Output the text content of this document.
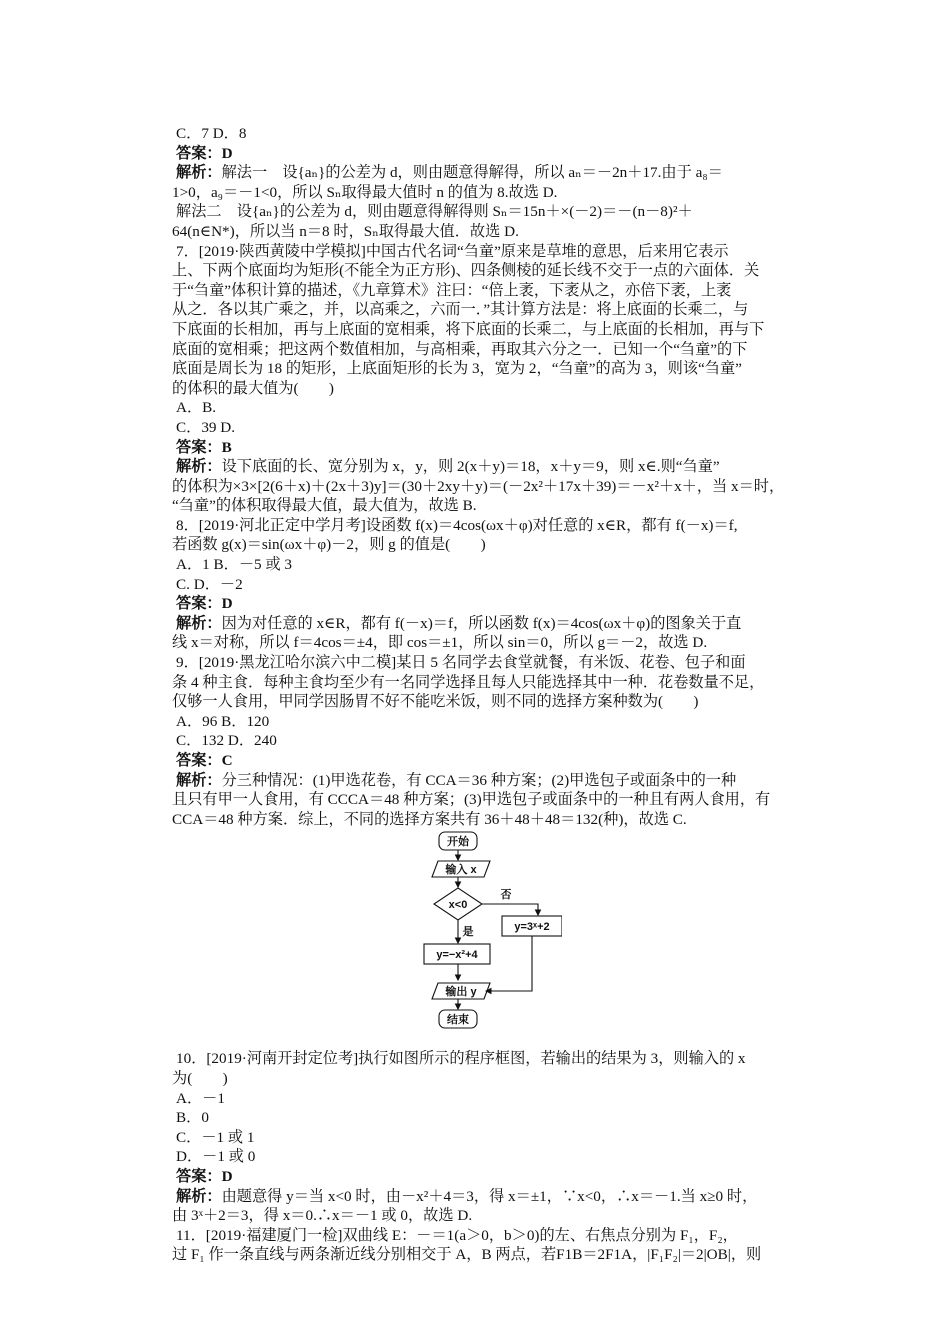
C．7 D．8

答案：D

解析：解法一　设{aₙ}的公差为 d，则由题意得解得，所以 aₙ＝－2n＋17.由于 a₈＝

1>0，a₉＝－1<0，所以 Sₙ取得最大值时 n 的值为 8.故选 D.

解法二　设{aₙ}的公差为 d，则由题意得解得则 Sₙ＝15n＋×(－2)＝－(n－8)²＋

64(n∈N*)，所以当 n＝8 时，Sₙ取得最大值．故选 D.

7．[2019·陕西黄陵中学模拟]中国古代名词“刍童”原来是草堆的意思，后来用它表示

上、下两个底面均为矩形(不能全为正方形)、四条侧棱的延长线不交于一点的六面体．关

于“刍童”体积计算的描述，《九章算术》注曰：“倍上袤，下袤从之，亦倍下袤，上袤

从之．各以其广乘之，并，以高乘之，六而一．”其计算方法是：将上底面的长乘二，与

下底面的长相加，再与上底面的宽相乘，将下底面的长乘二，与上底面的长相加，再与下

底面的宽相乘；把这两个数值相加，与高相乘，再取其六分之一．已知一个“刍童”的下

底面是周长为 18 的矩形，上底面矩形的长为 3，宽为 2，“刍童”的高为 3，则该“刍童”

的体积的最大值为(　　)

A．B.

C．39 D.

答案：B

解析：设下底面的长、宽分别为 x，y，则 2(x＋y)＝18，x＋y＝9，则 x∈.则“刍童”

的体积为×3×[2(6＋x)＋(2x＋3)y]＝(30＋2xy＋y)＝(－2x²＋17x＋39)＝－x²＋x＋，当 x＝时，

“刍童”的体积取得最大值，最大值为，故选 B.

8．[2019·河北正定中学月考]设函数 f(x)＝4cos(ωx＋φ)对任意的 x∈R，都有 f(－x)＝f,

若函数 g(x)＝sin(ωx＋φ)－2，则 g 的值是(　　)

A．1 B．－5 或 3

C. D．－2

答案：D

解析：因为对任意的 x∈R，都有 f(－x)＝f，所以函数 f(x)＝4cos(ωx＋φ)的图象关于直

线 x＝对称，所以 f＝4cos＝±4，即 cos＝±1，所以 sin＝0，所以 g＝－2，故选 D.

9．[2019·黑龙江哈尔滨六中二模]某日 5 名同学去食堂就餐，有米饭、花卷、包子和面

条 4 种主食．每种主食均至少有一名同学选择且每人只能选择其中一种．花卷数量不足，

仅够一人食用，甲同学因肠胃不好不能吃米饭，则不同的选择方案种数为(　　)

A．96 B．120

C．132 D．240

答案：C

解析：分三种情况：(1)甲选花卷，有 CCA＝36 种方案；(2)甲选包子或面条中的一种

且只有甲一人食用，有 CCCA＝48 种方案；(3)甲选包子或面条中的一种且有两人食用，有

CCA＝48 种方案．综上，不同的选择方案共有 36＋48＋48＝132(种)，故选 C.

开始
输入 x
x<0
否
是	y=3ˣ+2
y=−x²+4
输出 y
结束

10．[2019·河南开封定位考]执行如图所示的程序框图，若输出的结果为 3，则输入的 x

为(　　)

A．－1

B．0

C．－1 或 1

D．－1 或 0

答案：D

解析：由题意得 y＝当 x<0 时，由－x²＋4＝3，得 x＝±1，∵x<0，∴x＝－1.当 x≥0 时，

由 3ˣ＋2＝3，得 x＝0.∴x＝－1 或 0，故选 D.

11．[2019·福建厦门一检]双曲线 E：－＝1(a＞0，b＞0)的左、右焦点分别为 F₁，F₂，

过 F₁ 作一条直线与两条渐近线分别相交于 A，B 两点，若F1B＝2F1A，|F₁F₂|＝2|OB|，则
